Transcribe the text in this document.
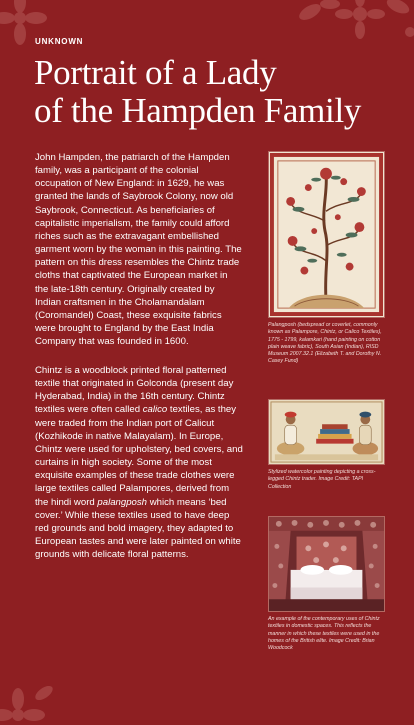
UNKNOWN
Portrait of a Lady
of the Hampden Family

John Hampden, the patriarch of the Hampden family, was a participant of the colonial occupation of New England: in 1629, he was granted the lands of Saybrook Colony, now old Saybrook, Connecticut. As beneficiaries of capitalistic imperialism, the family could afford riches such as the extravagant embellished garment worn by the woman in this painting. The pattern on this dress resembles the Chintz trade cloths that captivated the European market in the late-18th century. Originally created by Indian craftsmen in the Cholamandalam (Coromandel) Coast, these exquisite fabrics were brought to England by the East India Company that was founded in 1600.

Chintz is a woodblock printed floral patterned textile that originated in Golconda (present day Hyderabad, India) in the 16th century. Chintz textiles were often called calico textiles, as they were traded from the Indian port of Calicut (Kozhikode in native Malayalam). In Europe, Chintz were used for upholstery, bed covers, and curtains in high society. Some of the most exquisite examples of these trade clothes were large textiles called Palampores, derived from the hindi word palangposh which means ‘bed cover.’ While these textiles used to have deep red grounds and bold imagery, they adapted to European tastes and were later painted on white grounds with delicate floral patterns.

Palangposh (bedspread or coverlet, commonly known as Palampore, Chintz, or Calico Textiles), 1775 - 1799, kalamkari (hand painting on cotton plain weave fabric), South Asian (Indian), RISD Museum 2007.32.1 (Elizabeth T. and Dorothy N. Casey Fund)

Stylized watercolor painting depicting a cross-legged Chintz trader. Image Credit: TAPI Collection

An example of the contemporary uses of Chintz textiles in domestic spaces. This reflects the manner in which these textiles were used in the homes of the British elite. Image Credit: Brian Woodcock
